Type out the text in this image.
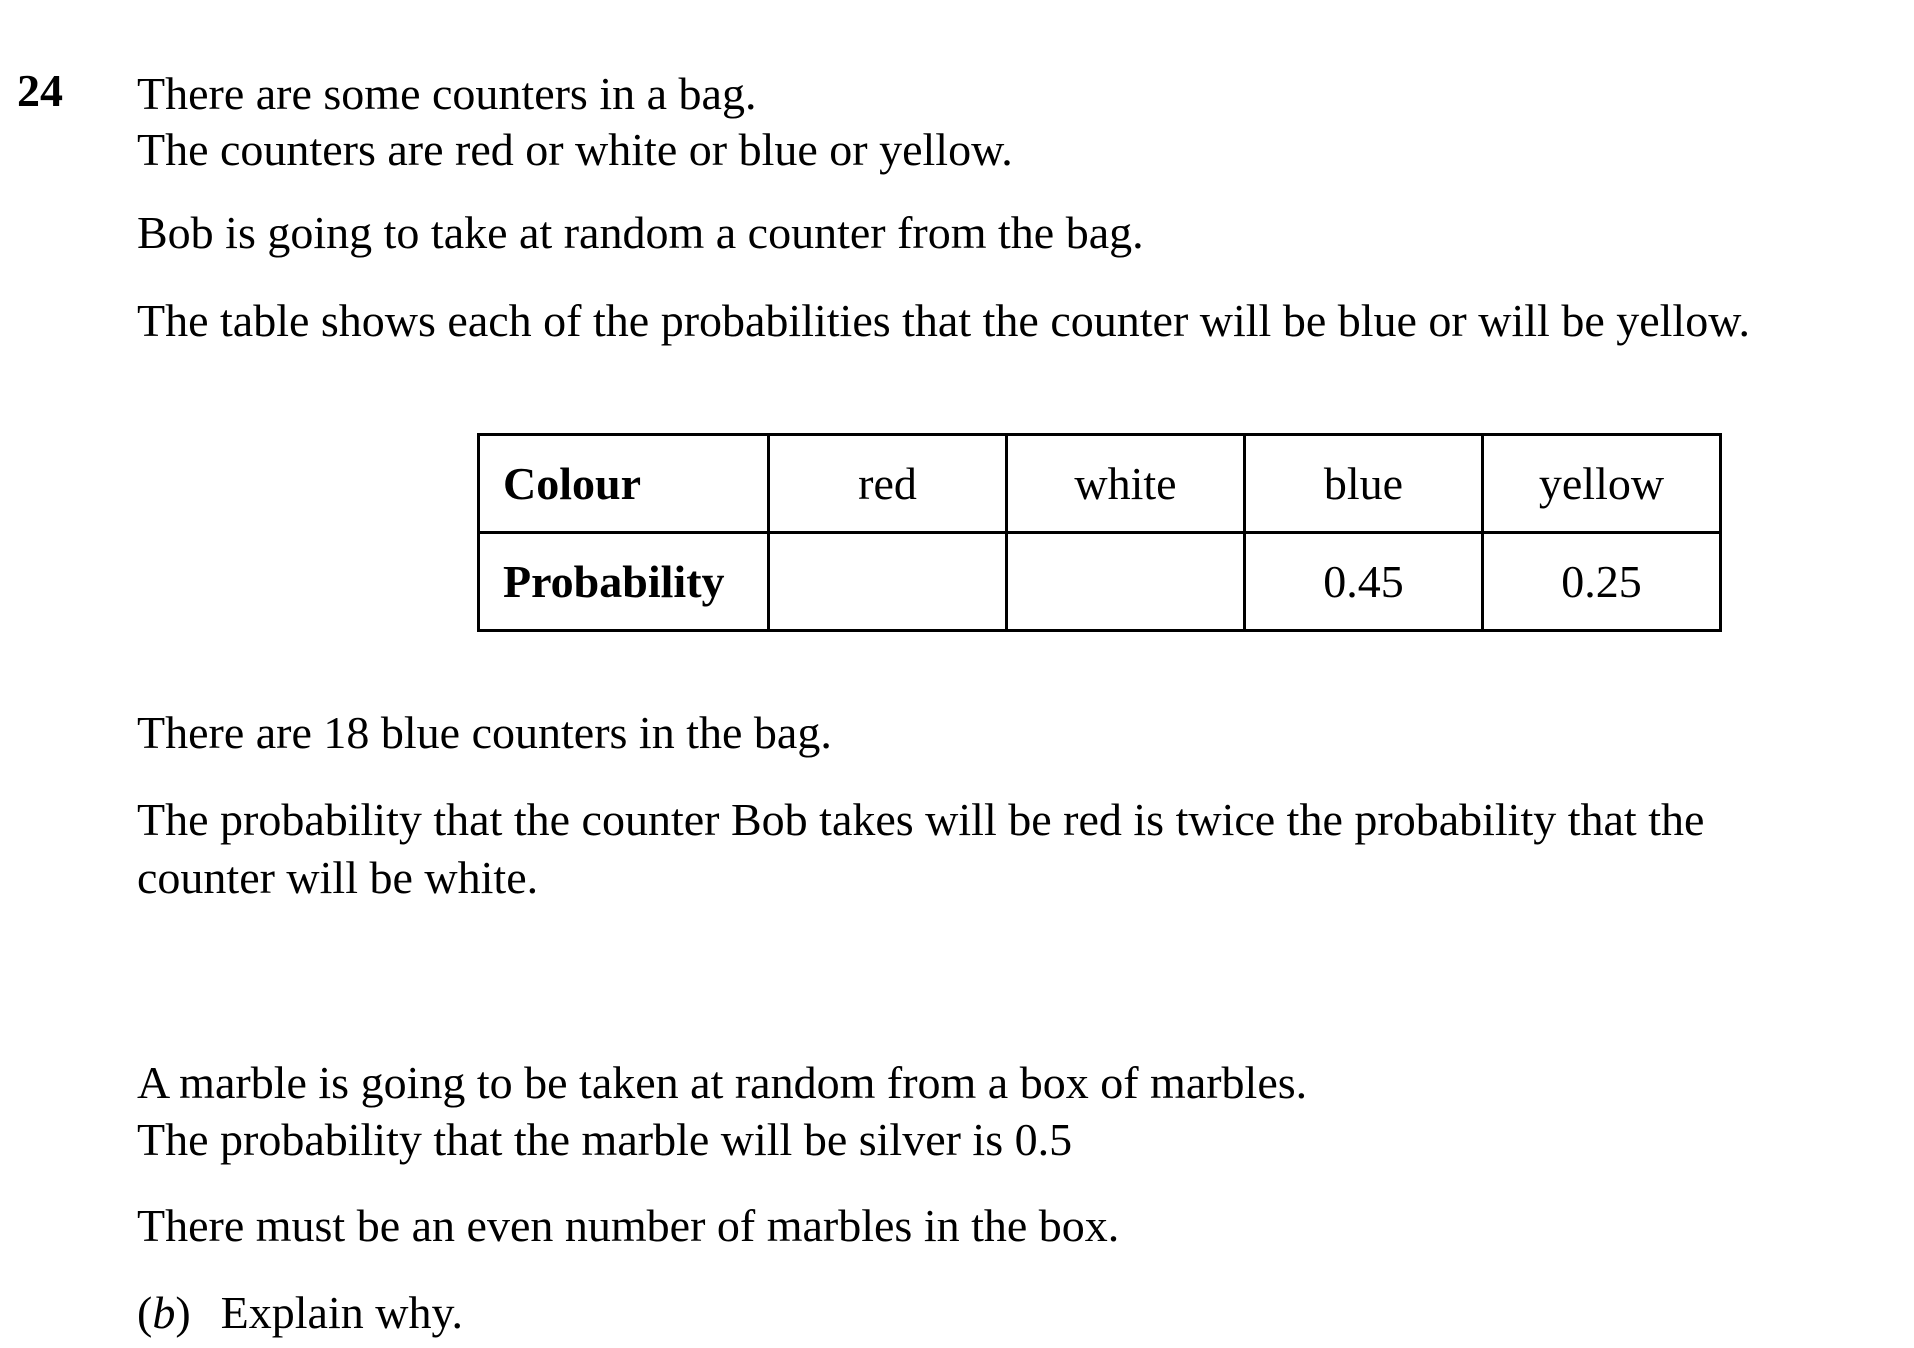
24 There are some counters in a bag.

The counters are red or white or blue or yellow.

Bob is going to take at random a counter from the bag.

The table shows each of the probabilities that the counter will be blue or will be yellow.

Colour	red	white	blue	yellow
Probability			0.45	0.25

There are 18 blue counters in the bag.

The probability that the counter Bob takes will be red is twice the probability that the

counter will be white.

A marble is going to be taken at random from a box of marbles.

The probability that the marble will be silver is 0.5

There must be an even number of marbles in the box.

(b) Explain why.
